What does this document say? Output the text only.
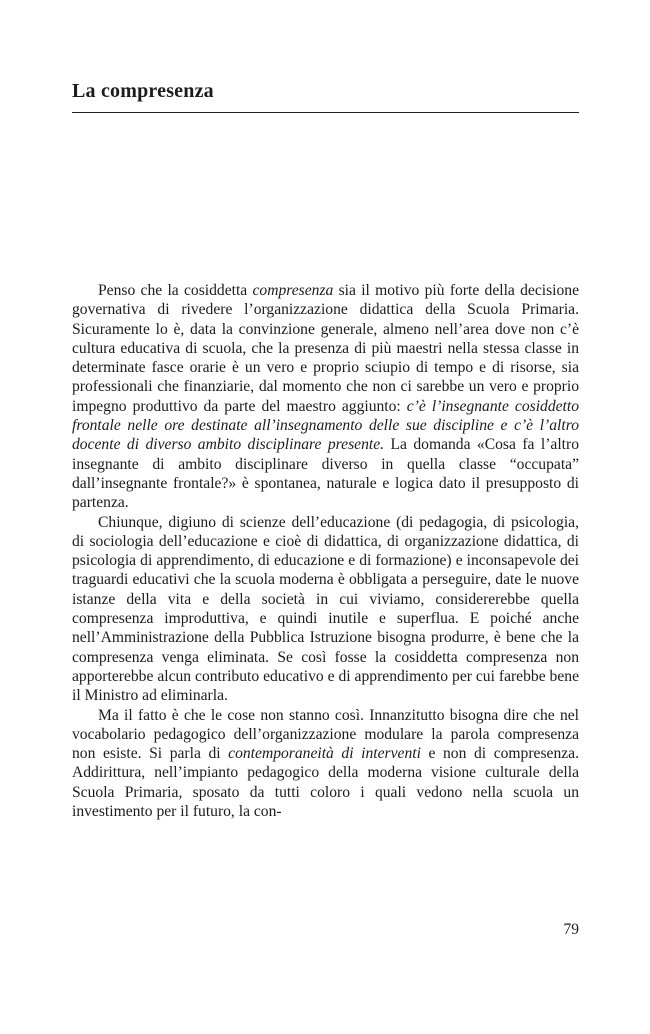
La compresenza

Penso che la cosiddetta compresenza sia il motivo più forte della decisione governativa di rivedere l’organizzazione didattica della Scuola Primaria. Sicuramente lo è, data la convinzione generale, almeno nell’area dove non c’è cultura educativa di scuola, che la presenza di più maestri nella stessa classe in determinate fasce orarie è un vero e proprio sciupio di tempo e di risorse, sia professionali che finanziarie, dal momento che non ci sarebbe un vero e proprio impegno produttivo da parte del maestro aggiunto: c’è l’insegnante cosiddetto frontale nelle ore destinate all’insegnamento delle sue discipline e c’è l’altro docente di diverso ambito disciplinare presente. La domanda «Cosa fa l’altro insegnante di ambito disciplinare diverso in quella classe “occupata” dall’insegnante frontale?» è spontanea, naturale e logica dato il presupposto di partenza.

Chiunque, digiuno di scienze dell’educazione (di pedagogia, di psicologia, di sociologia dell’educazione e cioè di didattica, di organizzazione didattica, di psicologia di apprendimento, di educazione e di formazione) e inconsapevole dei traguardi educativi che la scuola moderna è obbligata a perseguire, date le nuove istanze della vita e della società in cui viviamo, considererebbe quella compresenza improduttiva, e quindi inutile e superflua. E poiché anche nell’Amministrazione della Pubblica Istruzione bisogna produrre, è bene che la compresenza venga eliminata. Se così fosse la cosiddetta compresenza non apporterebbe alcun contributo educativo e di apprendimento per cui farebbe bene il Ministro ad eliminarla.

Ma il fatto è che le cose non stanno così. Innanzitutto bisogna dire che nel vocabolario pedagogico dell’organizzazione modulare la parola compresenza non esiste. Si parla di contemporaneità di interventi e non di compresenza. Addirittura, nell’impianto pedagogico della moderna visione culturale della Scuola Primaria, sposato da tutti coloro i quali vedono nella scuola un investimento per il futuro, la con-

79
